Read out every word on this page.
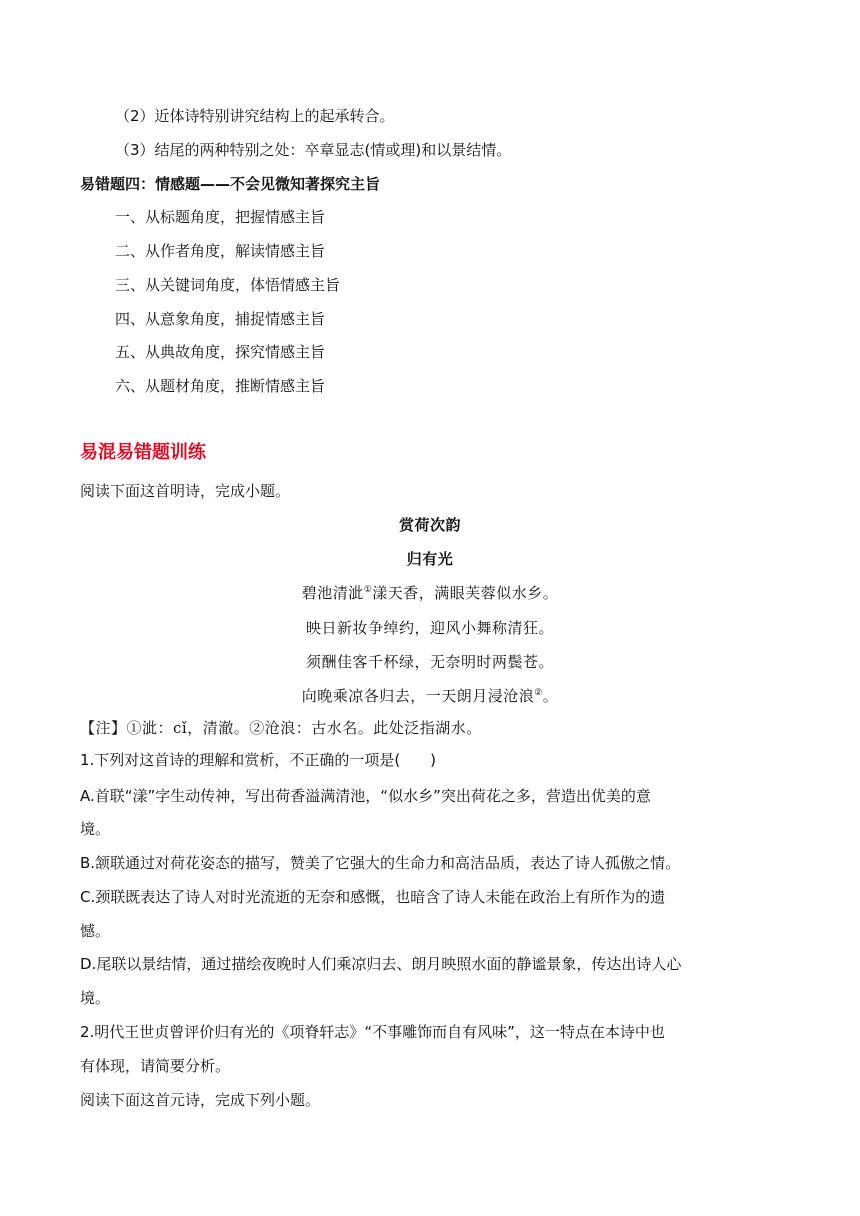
（2）近体诗特别讲究结构上的起承转合。
（3）结尾的两种特别之处：卒章显志(情或理)和以景结情。
易错题四：情感题——不会见微知著探究主旨
一、从标题角度，把握情感主旨
二、从作者角度，解读情感主旨
三、从关键词角度，体悟情感主旨
四、从意象角度，捕捉情感主旨
五、从典故角度，探究情感主旨
六、从题材角度，推断情感主旨
易混易错题训练
阅读下面这首明诗，完成小题。
赏荷次韵
归有光
碧池清泚①漾天香，满眼芙蓉似水乡。
映日新妆争绰约，迎风小舞称清狂。
须酬佳客千杯绿，无奈明时两鬓苍。
向晚乘凉各归去，一天朗月浸沧浪②。
【注】①泚：cǐ，清澈。②沧浪：古水名。此处泛指湖水。
1.下列对这首诗的理解和赏析，不正确的一项是(　　)
A.首联“漾”字生动传神，写出荷香溢满清池，“似水乡”突出荷花之多，营造出优美的意
境。
B.颔联通过对荷花姿态的描写，赞美了它强大的生命力和高洁品质，表达了诗人孤傲之情。
C.颈联既表达了诗人对时光流逝的无奈和感慨，也暗含了诗人未能在政治上有所作为的遗
憾。
D.尾联以景结情，通过描绘夜晚时人们乘凉归去、朗月映照水面的静谧景象，传达出诗人心
境。
2.明代王世贞曾评价归有光的《项脊轩志》“不事雕饰而自有风味”，这一特点在本诗中也
有体现，请简要分析。
阅读下面这首元诗，完成下列小题。
